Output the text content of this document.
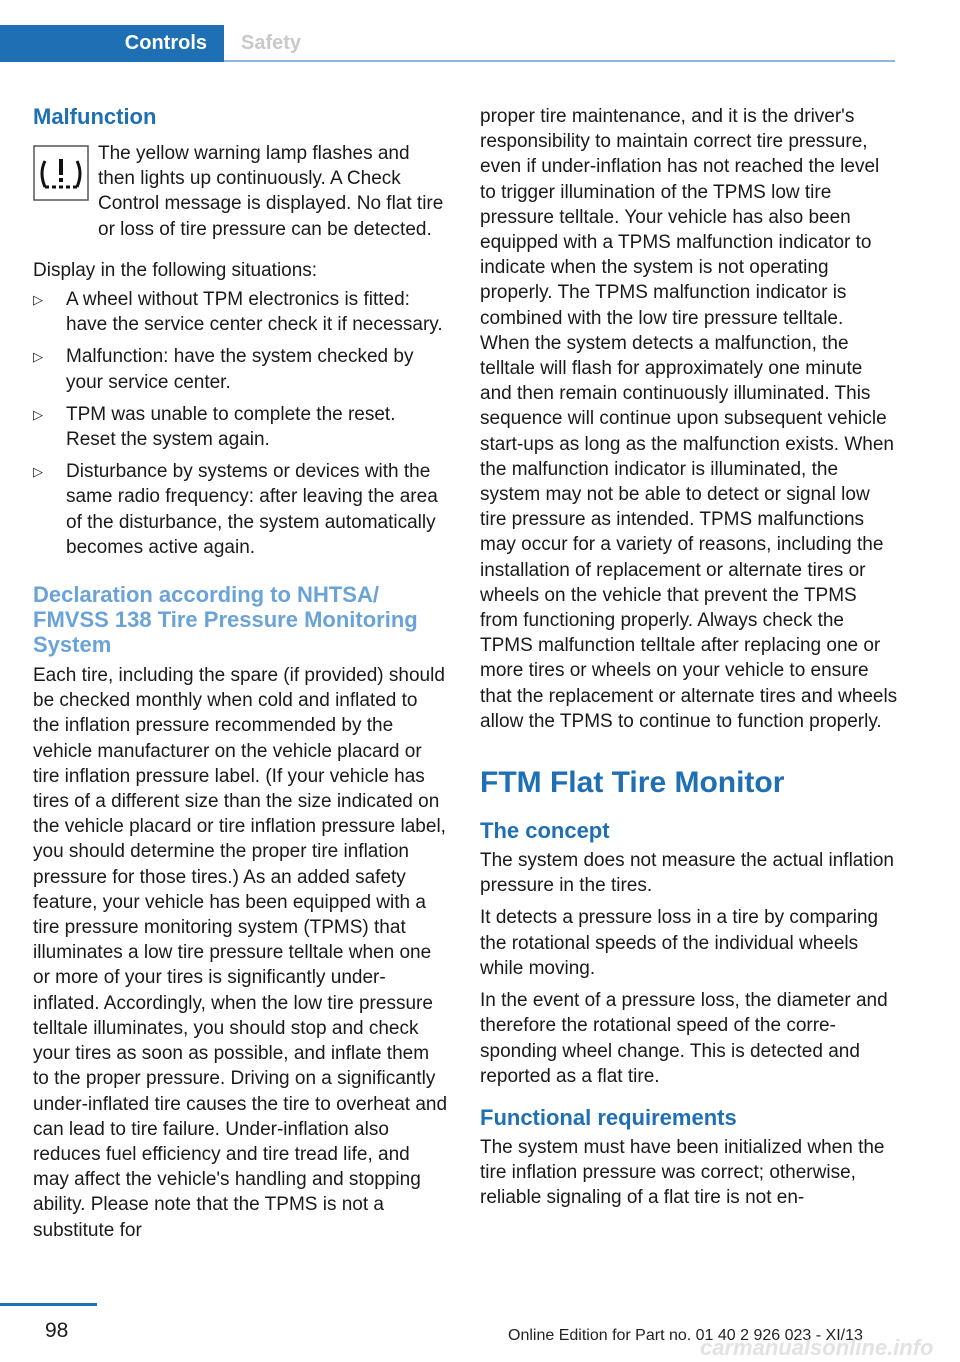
Controls	Safety
Malfunction

The yellow warning lamp flashes and then lights up continuously. A Check Control message is displayed. No flat tire or loss of tire pressure can be detected.

Display in the following situations:

▷ A wheel without TPM electronics is fitted: have the service center check it if necessary.
▷ Malfunction: have the system checked by your service center.
▷ TPM was unable to complete the reset. Reset the system again.
▷ Disturbance by systems or devices with the same radio frequency: after leaving the area of the disturbance, the system automatically becomes active again.
Declaration according to NHTSA/ FMVSS 138 Tire Pressure Monitoring System

Each tire, including the spare (if provided) should be checked monthly when cold and inflated to the inflation pressure recommended by the vehicle manufacturer on the vehicle placard or tire inflation pressure label. (If your vehicle has tires of a different size than the size indicated on the vehicle placard or tire inflation pressure label, you should determine the proper tire inflation pressure for those tires.) As an added safety feature, your vehicle has been equipped with a tire pressure monitoring system (TPMS) that illuminates a low tire pressure telltale when one or more of your tires is significantly under-inflated. Accordingly, when the low tire pressure telltale illuminates, you should stop and check your tires as soon as possible, and inflate them to the proper pressure. Driving on a significantly under-inflated tire causes the tire to overheat and can lead to tire failure. Under-inflation also reduces fuel efficiency and tire tread life, and may affect the vehicle's handling and stopping ability. Please note that the TPMS is not a substitute for

proper tire maintenance, and it is the driver's responsibility to maintain correct tire pressure, even if under-inflation has not reached the level to trigger illumination of the TPMS low tire pressure telltale. Your vehicle has also been equipped with a TPMS malfunction indicator to indicate when the system is not operating properly. The TPMS malfunction indicator is combined with the low tire pressure telltale. When the system detects a malfunction, the telltale will flash for approximately one minute and then remain continuously illuminated. This sequence will continue upon subsequent vehicle start-ups as long as the malfunction exists. When the malfunction indicator is illuminated, the system may not be able to detect or signal low tire pressure as intended. TPMS malfunctions may occur for a variety of reasons, including the installation of replacement or alternate tires or wheels on the vehicle that prevent the TPMS from functioning properly. Always check the TPMS malfunction telltale after replacing one or more tires or wheels on your vehicle to ensure that the replacement or alternate tires and wheels allow the TPMS to continue to function properly.

FTM Flat Tire Monitor
The concept

The system does not measure the actual inflation pressure in the tires.

It detects a pressure loss in a tire by comparing the rotational speeds of the individual wheels while moving.

In the event of a pressure loss, the diameter and therefore the rotational speed of the corresponding wheel change. This is detected and reported as a flat tire.

Functional requirements

The system must have been initialized when the tire inflation pressure was correct; otherwise, reliable signaling of a flat tire is not en-

98	Online Edition for Part no. 01 40 2 926 023 - XI/13
carmanualsonline.info
